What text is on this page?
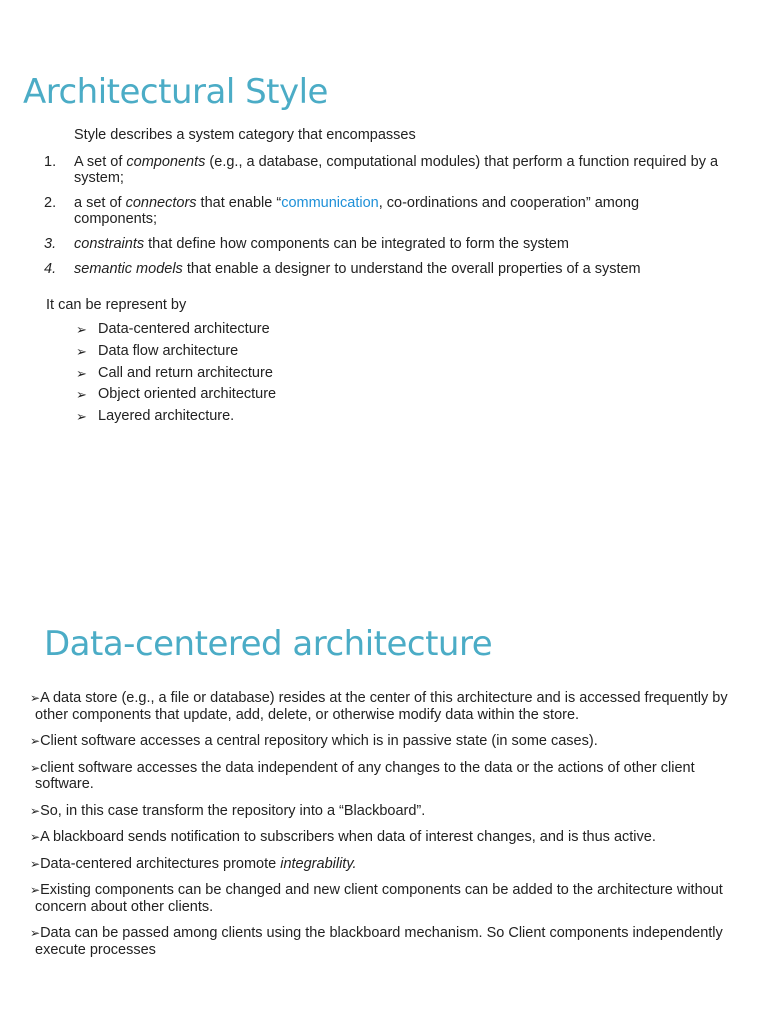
Architectural Style
Style describes a system category that encompasses
1.	A set of components (e.g., a database, computational modules) that perform a function required by a system;
2.	a set of connectors that enable “communication, co-ordinations and cooperation” among components;
3.	constraints that define how components can be integrated to form the system
4.	semantic models that enable a designer to understand the overall properties of a system
It can be represent by
➢ Data-centered architecture
➢ Data flow architecture
➢ Call and return architecture
➢ Object oriented architecture
➢ Layered architecture.
Data-centered architecture
➢A data store (e.g., a file or database) resides at the center of this architecture and is accessed frequently by other components that update, add, delete, or otherwise modify data within the store.
➢Client software accesses a central repository which is in passive state (in some cases).
➢client software accesses the data independent of any changes to the data or the actions of other client software.
➢So, in this case transform the repository into a “Blackboard”.
➢A blackboard sends notification to subscribers when data of interest changes, and is thus active.
➢Data-centered architectures promote integrability.
➢Existing components can be changed and new client components can be added to the architecture without concern about other clients.
➢Data can be passed among clients using the blackboard mechanism. So Client components independently execute processes
